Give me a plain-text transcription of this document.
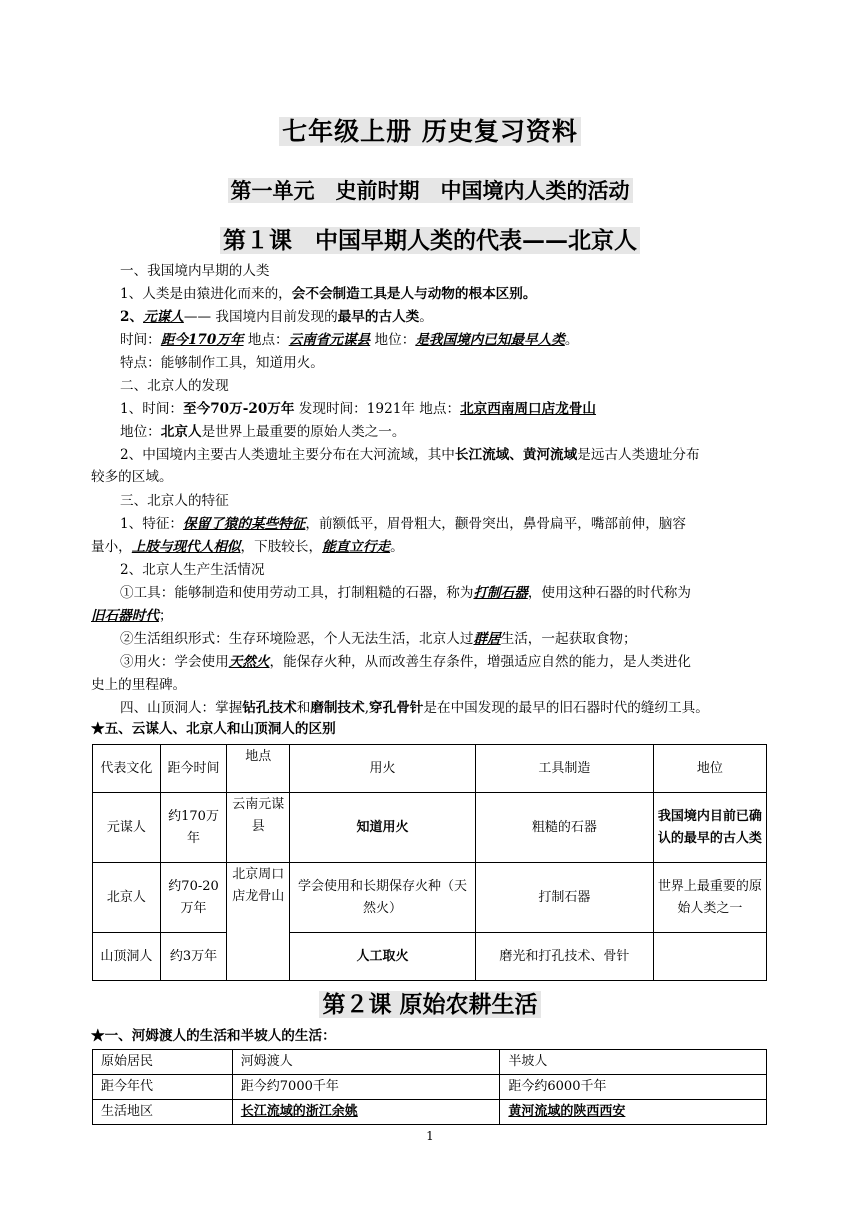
七年级上册 历史复习资料
第一单元　史前时期　中国境内人类的活动
第１课　中国早期人类的代表——北京人
一、我国境内早期的人类
1、人类是由猿进化而来的，会不会制造工具是人与动物的根本区别。
2、元谋人—— 我国境内目前发现的最早的古人类。
时间：距今170万年 地点：云南省元谋县 地位：是我国境内已知最早人类。
特点：能够制作工具，知道用火。
二、北京人的发现
1、时间：至今70万-20万年 发现时间：1921年 地点：北京西南周口店龙骨山
地位：北京人是世界上最重要的原始人类之一。
2、中国境内主要古人类遗址主要分布在大河流域，其中长江流域、黄河流域是远古人类遗址分布
较多的区域。
三、北京人的特征
1、特征：保留了猿的某些特征，前额低平，眉骨粗大，颧骨突出，鼻骨扁平，嘴部前伸，脑容
量小，上肢与现代人相似，下肢较长，能直立行走。
2、北京人生产生活情况
①工具：能够制造和使用劳动工具，打制粗糙的石器，称为打制石器，使用这种石器的时代称为
旧石器时代；
②生活组织形式：生存环境险恶，个人无法生活，北京人过群居生活，一起获取食物；
③用火：学会使用天然火，能保存火种，从而改善生存条件，增强适应自然的能力，是人类进化
史上的里程碑。
四、山顶洞人：掌握钻孔技术和磨制技术,穿孔骨针是在中国发现的最早的旧石器时代的缝纫工具。
★五、云谋人、北京人和山顶洞人的区别
代表文化	距今时间	地点	用火	工具制造	地位
元谋人	约170万年	云南元谋县	知道用火	粗糙的石器	我国境内目前已确认的最早的古人类
北京人	约70-20万年	北京周口店龙骨山	学会使用和长期保存火种（天然火）	打制石器	世界上最重要的原始人类之一
山顶洞人	约3万年		人工取火	磨光和打孔技术、骨针	
第２课 原始农耕生活
★一、河姆渡人的生活和半坡人的生活：
原始居民	河姆渡人	半坡人
距今年代	距今约7000千年	距今约6000千年
生活地区	长江流域的浙江余姚	黄河流域的陕西西安
1
